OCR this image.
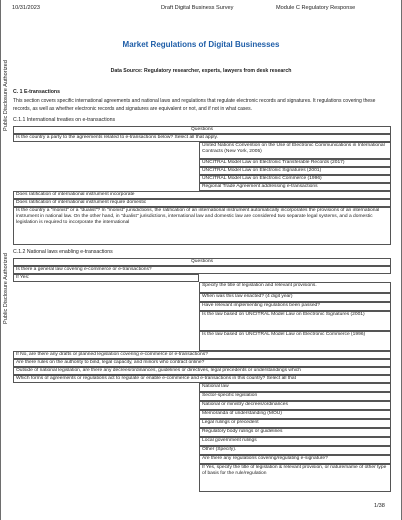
10/31/2023	Draft Digital Business Survey	Module C Regulatory Response
Public Disclosure Authorized
Public Disclosure Authorized
Market Regulations of Digital Businesses
Data Source: Regulatory researcher, experts, lawyers from desk research
C. 1 E-transactions
This section covers specific international agreements and national laws and regulations that regulate electronic records and signatures. It regulations covering these records, as well as whether electronic records and signatures are equivalent or not, and if not in what cases.
C.1.1 International treaties on e-transactions
Questions
Is the country a party to the agreements related to e-transactions below? Select all that apply.
United Nations Convention on the Use of Electronic Communications in International Contracts (New York, 2005)
UNCITRAL Model Law on Electronic Transferable Records (2017)
UNCITRAL Model Law on Electronic Signatures (2001)
UNCITRAL Model Law on Electronic Commerce (1996)
Regional Trade Agreement addressing e-transactions
Does ratification of international instrument incorporate
Does ratification of international instrument require domestic
Is the country a "monist" or a "dualist"? In "monist" jurisdictions, the ratification of an international instrument automatically incorporates the provisions of an international instrument in national law. On the other hand, in "dualist" jurisdictions, international law and domestic law are considered two separate legal systems, and a domestic legislation is required to incorporate the international
C.1.2 National laws enabling e-transactions
Questions
Is there a general law covering e-commerce or e-transactions?
If Yes:
Specify the title of legislation and relevant provisions.
When was this law enacted? (4 digit year)
Have relevant implementing regulations been passed?
Is the law based on UNCITRAL Model Law on Electronic Signatures (2001)
Is the law based on UNCITRAL Model Law on Electronic Commerce (1996)
If No, are there any drafts or planned legislation covering e-commerce or e-transactions?
Are there rules on the authority to bind, legal capacity, and minors who contract online?
Outside of national legislation, are there any decrees/ordinances, guidelines or directives, legal precedents or understandings which
Which forms of agreements or regulations act to regulate or enable e-commerce and e-transactions in this country? Select all that
National law
Sector-specific legislation
National or ministry decrees/ordinances
Memoranda of understanding (MOU)
Legal rulings or precedent
Regulatory body rulings or guidelines
Local government rulings
Other (Specify).
Are there any regulations covering/regulating e-signature?
If Yes, specify the title of legislation & relevant provision, or nature/name of other type of basis for the rule/regulation
1/38
